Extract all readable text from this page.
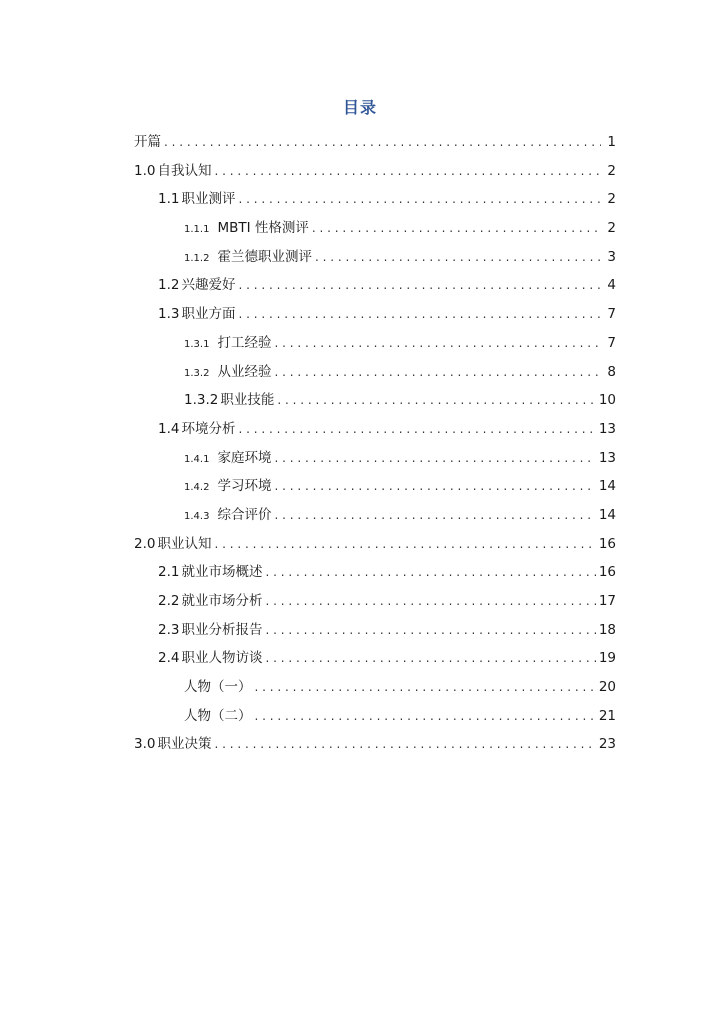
目录
开篇 . . .	1
1.0 自我认知 . . .	2
1.1 职业测评 . . .	2
1.1.1 MBTI 性格测评 . . .	2
1.1.2 霍兰德职业测评 . . .	3
1.2 兴趣爱好 . . .	4
1.3 职业方面 . . .	7
1.3.1 打工经验 . . .	7
1.3.2 从业经验 . . .	8
1.3.2 职业技能 . . .	10
1.4 环境分析 . . .	13
1.4.1 家庭环境 . . .	13
1.4.2 学习环境 . . .	14
1.4.3 综合评价 . . .	14
2.0 职业认知 . . .	16
2.1 就业市场概述 . . .	16
2.2 就业市场分析 . . .	17
2.3 职业分析报告 . . .	18
2.4 职业人物访谈 . . .	19
人物（一） . . .	20
人物（二） . . .	21
3.0 职业决策 . . .	23
